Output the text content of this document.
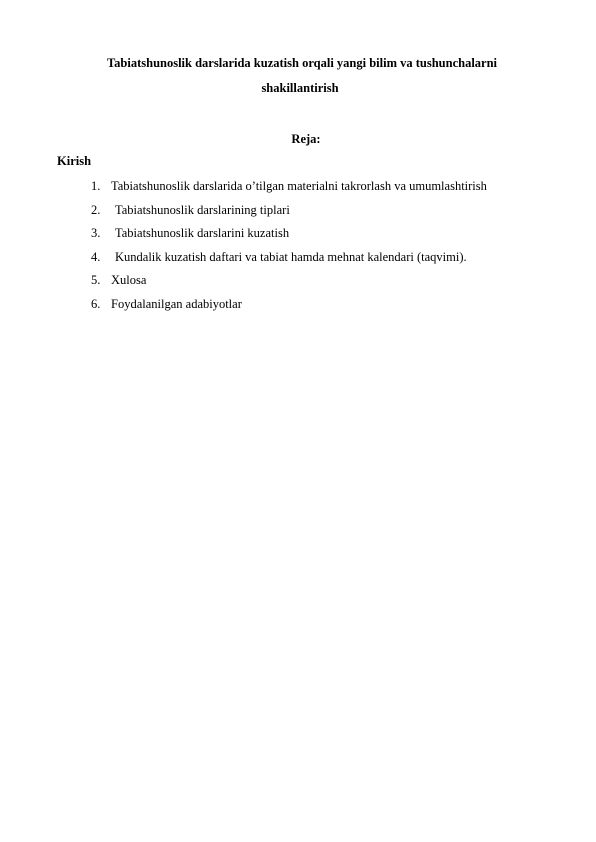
Tabiatshunoslik darslarida kuzatish orqali yangi bilim va tushunchalarni
shakillantirish
Reja:
Kirish
1. Tabiatshunoslik darslarida o’tilgan materialni takrorlash va umumlashtirish
2.	Tabiatshunoslik darslarining tiplari
3.	Tabiatshunoslik darslarini kuzatish
4.	Kundalik kuzatish daftari va tabiat hamda mehnat kalendari (taqvimi).
5. Xulosa
6. Foydalanilgan adabiyotlar
